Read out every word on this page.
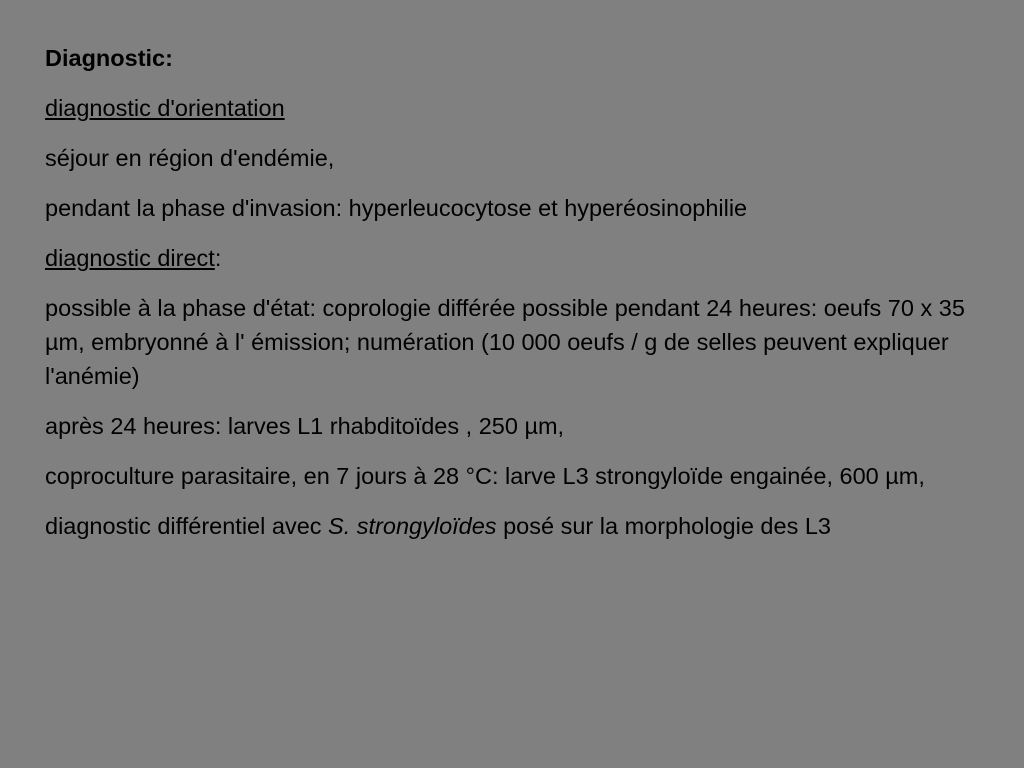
Diagnostic:

diagnostic d'orientation

séjour en région d'endémie,

pendant la phase d'invasion: hyperleucocytose et hyperéosinophilie

diagnostic direct:

possible à la phase d'état: coprologie différée possible pendant 24 heures: oeufs 70 x 35 µm, embryonné à l' émission; numération (10 000 oeufs / g de selles peuvent expliquer l'anémie)

après 24 heures: larves L1 rhabditoïdes , 250 µm,

coproculture parasitaire, en 7 jours à 28 °C: larve L3 strongyloïde engainée, 600 µm,

diagnostic différentiel avec S. strongyloïdes posé sur la morphologie des L3
